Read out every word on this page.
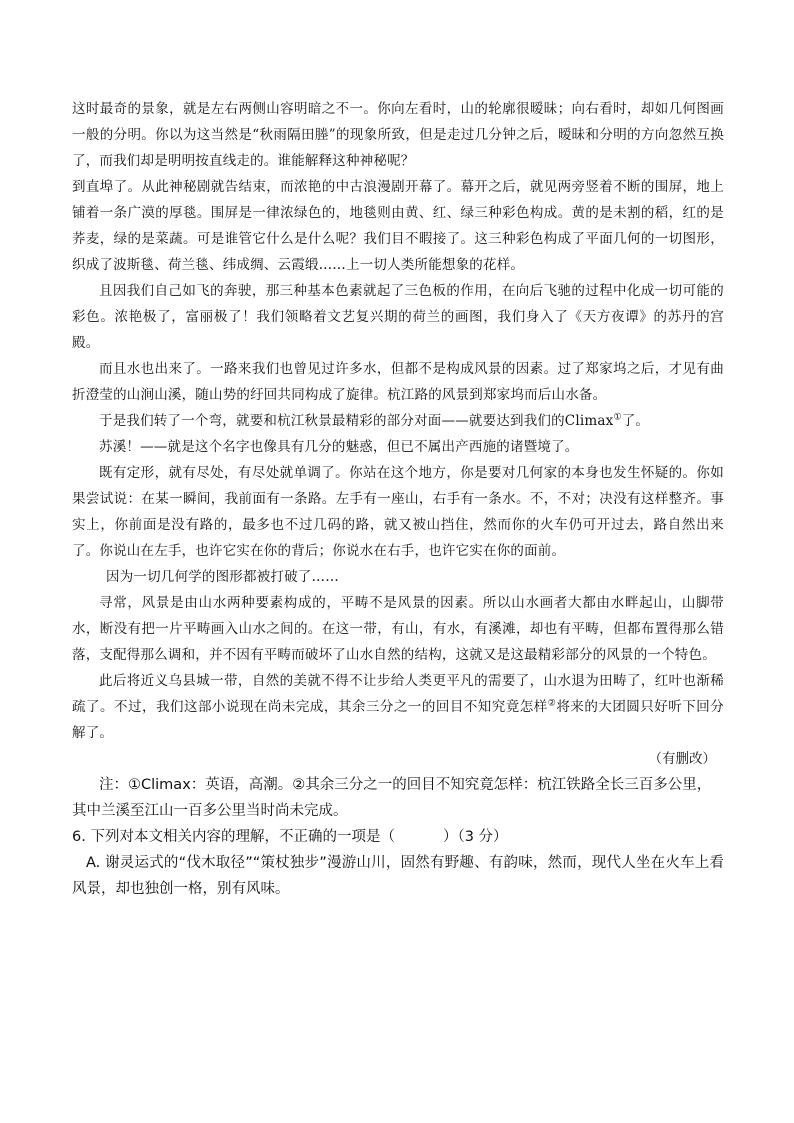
这时最奇的景象，就是左右两侧山容明暗之不一。你向左看时，山的轮廓很暧昧；向右看时，却如几何图画一般的分明。你以为这当然是“秋雨隔田塍”的现象所致，但是走过几分钟之后，暧昧和分明的方向忽然互换了，而我们却是明明按直线走的。谁能解释这种神秘呢？

到直埠了。从此神秘剧就告结束，而浓艳的中古浪漫剧开幕了。幕开之后，就见两旁竖着不断的围屏，地上铺着一条广漠的厚毯。围屏是一律浓绿色的，地毯则由黄、红、绿三种彩色构成。黄的是未割的稻，红的是荞麦，绿的是菜蔬。可是谁管它什么是什么呢？我们目不暇接了。这三种彩色构成了平面几何的一切图形，织成了波斯毯、荷兰毯、纬成绸、云霞缎……上一切人类所能想象的花样。

且因我们自己如飞的奔驶，那三种基本色素就起了三色板的作用，在向后飞驰的过程中化成一切可能的彩色。浓艳极了，富丽极了！我们领略着文艺复兴期的荷兰的画图，我们身入了《天方夜谭》的苏丹的宫殿。

而且水也出来了。一路来我们也曾见过许多水，但都不是构成风景的因素。过了郑家坞之后，才见有曲折澄莹的山涧山溪，随山势的纡回共同构成了旋律。杭江路的风景到郑家坞而后山水备。

于是我们转了一个弯，就要和杭江秋景最精彩的部分对面——就要达到我们的Climax①了。

苏溪！——就是这个名字也像具有几分的魅惑，但已不属出产西施的诸暨境了。

既有定形，就有尽处，有尽处就单调了。你站在这个地方，你是要对几何家的本身也发生怀疑的。你如果尝试说：在某一瞬间，我前面有一条路。左手有一座山，右手有一条水。不，不对；决没有这样整齐。事实上，你前面是没有路的，最多也不过几码的路，就又被山挡住，然而你的火车仍可开过去，路自然出来了。你说山在左手，也许它实在你的背后；你说水在右手，也许它实在你的面前。

因为一切几何学的图形都被打破了……

寻常，风景是由山水两种要素构成的，平畴不是风景的因素。所以山水画者大都由水畔起山，山脚带水，断没有把一片平畴画入山水之间的。在这一带，有山，有水，有溪滩，却也有平畴，但都布置得那么错落，支配得那么调和，并不因有平畴而破坏了山水自然的结构，这就又是这最精彩部分的风景的一个特色。

此后将近义乌县城一带，自然的美就不得不让步给人类更平凡的需要了，山水退为田畴了，红叶也渐稀疏了。不过，我们这部小说现在尚未完成，其余三分之一的回目不知究竟怎样②将来的大团圆只好听下回分解了。

（有删改）

注：①Climax：英语，高潮。②其余三分之一的回目不知究竟怎样：杭江铁路全长三百多公里，其中兰溪至江山一百多公里当时尚未完成。

6. 下列对本文相关内容的理解，不正确的一项是（	）（3 分）

A. 谢灵运式的“伐木取径”“策杖独步”漫游山川，固然有野趣、有韵味，然而，现代人坐在火车上看风景，却也独创一格，别有风味。
